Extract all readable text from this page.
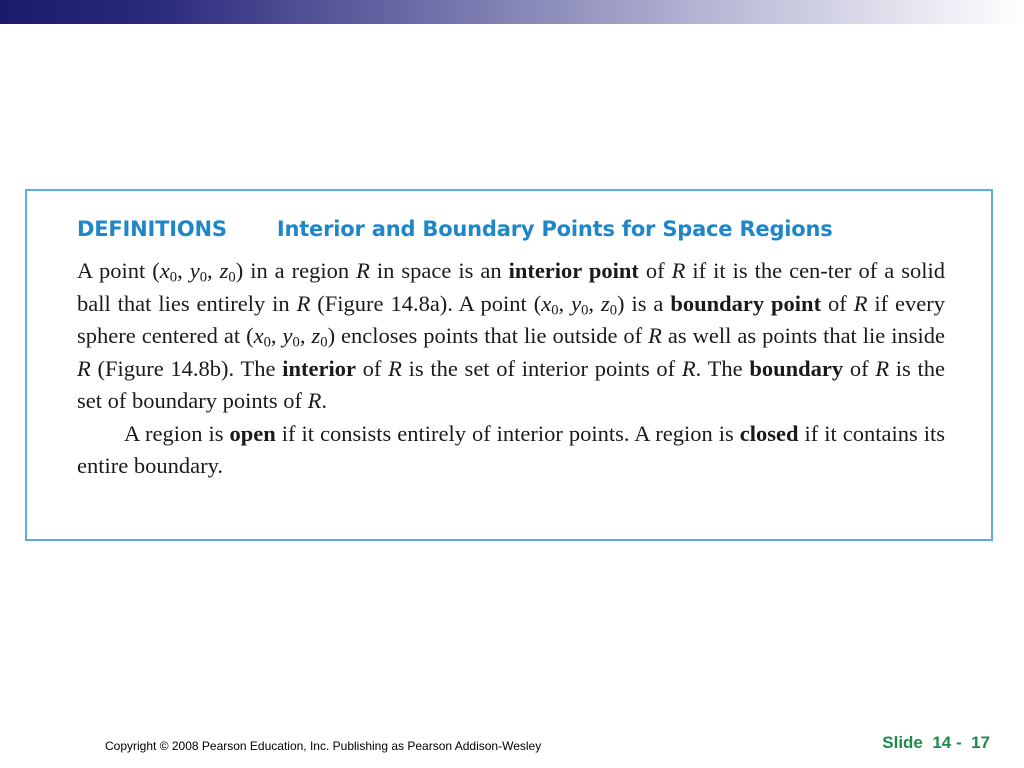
DEFINITIONS Interior and Boundary Points for Space Regions

A point ($x_0$, $y_0$, $z_0$) in a region R in space is an interior point of R if it is the cen-ter of a solid ball that lies entirely in R (Figure 14.8a). A point ($x_0$, $y_0$, $z_0$) is a boundary point of R if every sphere centered at ($x_0$, $y_0$, $z_0$) encloses points that lie outside of R as well as points that lie inside R (Figure 14.8b). The interior of R is the set of interior points of R. The boundary of R is the set of boundary points of R.

A region is open if it consists entirely of interior points. A region is closed if it contains its entire boundary.

Copyright © 2008 Pearson Education, Inc. Publishing as Pearson Addison-Wesley	Slide  14 -  17
